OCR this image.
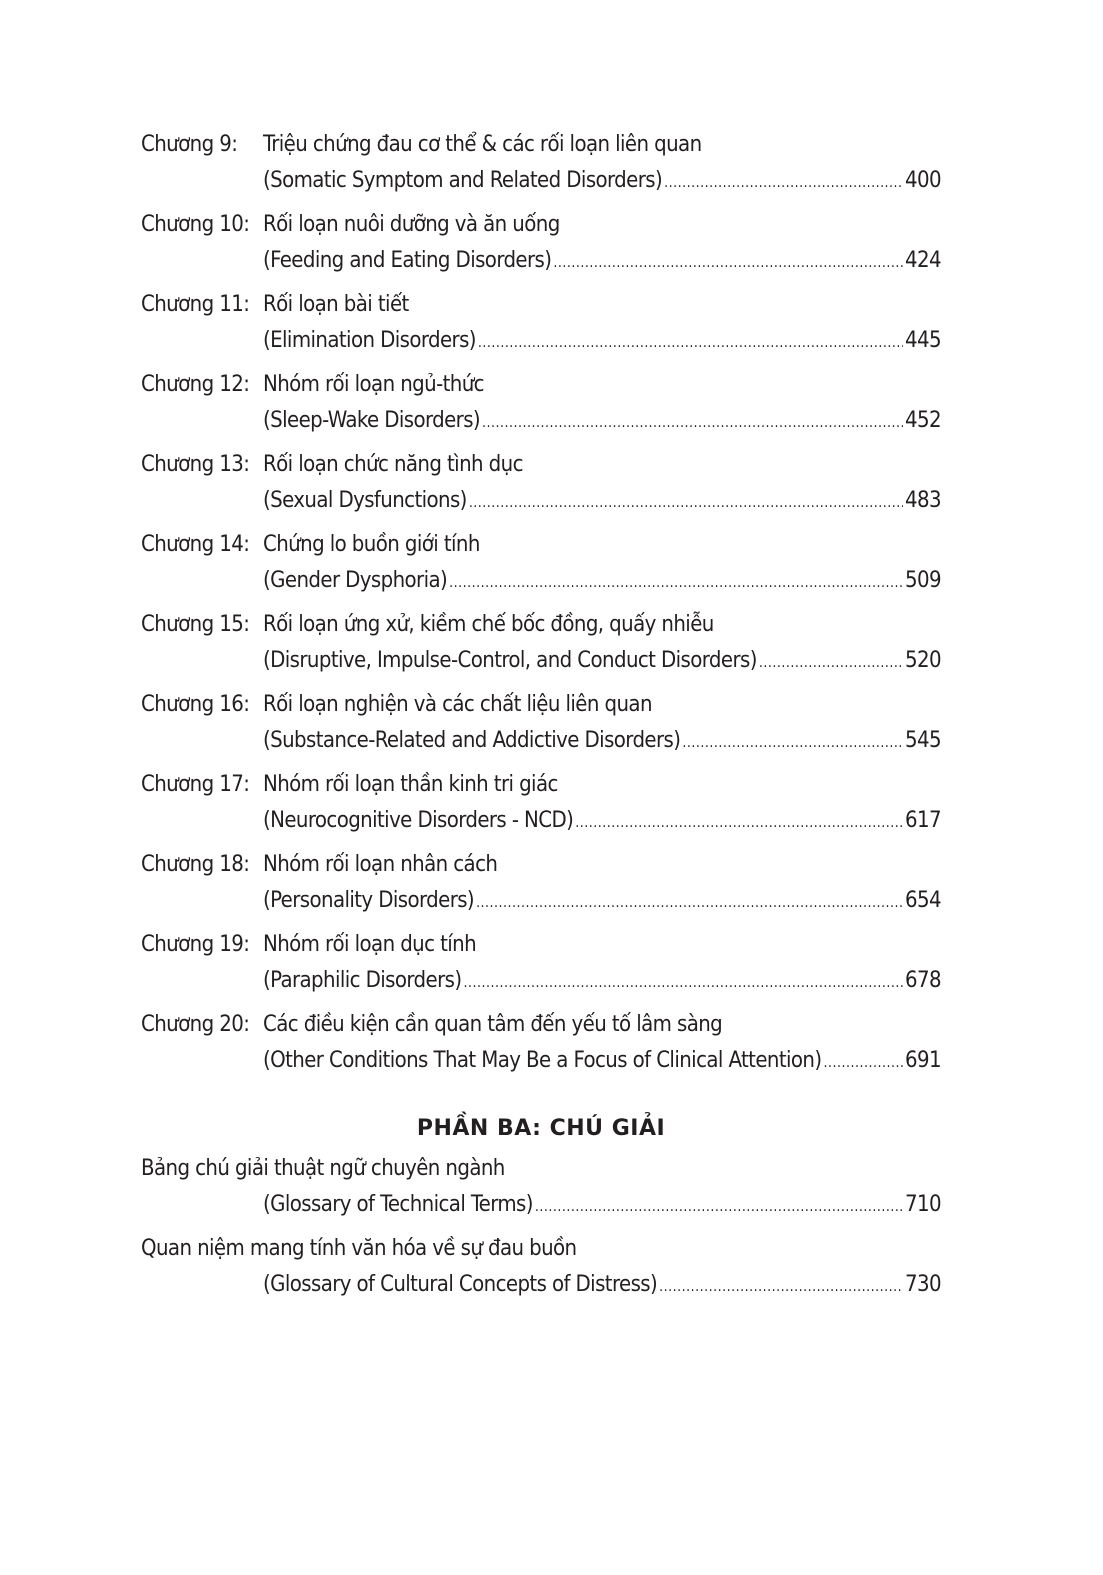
Chương 9:	Triệu chứng đau cơ thể & các rối loạn liên quan
(Somatic Symptom and Related Disorders) .....	400
Chương 10: Rối loạn nuôi dưỡng và ăn uống
(Feeding and Eating Disorders) .....	424
Chương 11: Rối loạn bài tiết
(Elimination Disorders) .....	445
Chương 12: Nhóm rối loạn ngủ-thức
(Sleep-Wake Disorders) .....	452
Chương 13: Rối loạn chức năng tình dục
(Sexual Dysfunctions) .....	483
Chương 14: Chứng lo buồn giới tính
(Gender Dysphoria) .....	509
Chương 15: Rối loạn ứng xử, kiềm chế bốc đồng, quấy nhiễu
(Disruptive, Impulse-Control, and Conduct Disorders) .....	520
Chương 16: Rối loạn nghiện và các chất liệu liên quan
(Substance-Related and Addictive Disorders) .....	545
Chương 17: Nhóm rối loạn thần kinh tri giác
(Neurocognitive Disorders - NCD) .....	617
Chương 18: Nhóm rối loạn nhân cách
(Personality Disorders) .....	654
Chương 19: Nhóm rối loạn dục tính
(Paraphilic Disorders) .....	678
Chương 20: Các điều kiện cần quan tâm đến yếu tố lâm sàng
(Other Conditions That May Be a Focus of Clinical Attention) .....	691
PHẦN BA: CHÚ GIẢI
Bảng chú giải thuật ngữ chuyên ngành
(Glossary of Technical Terms) .....	710
Quan niệm mang tính văn hóa về sự đau buồn
(Glossary of Cultural Concepts of Distress) .....	730
